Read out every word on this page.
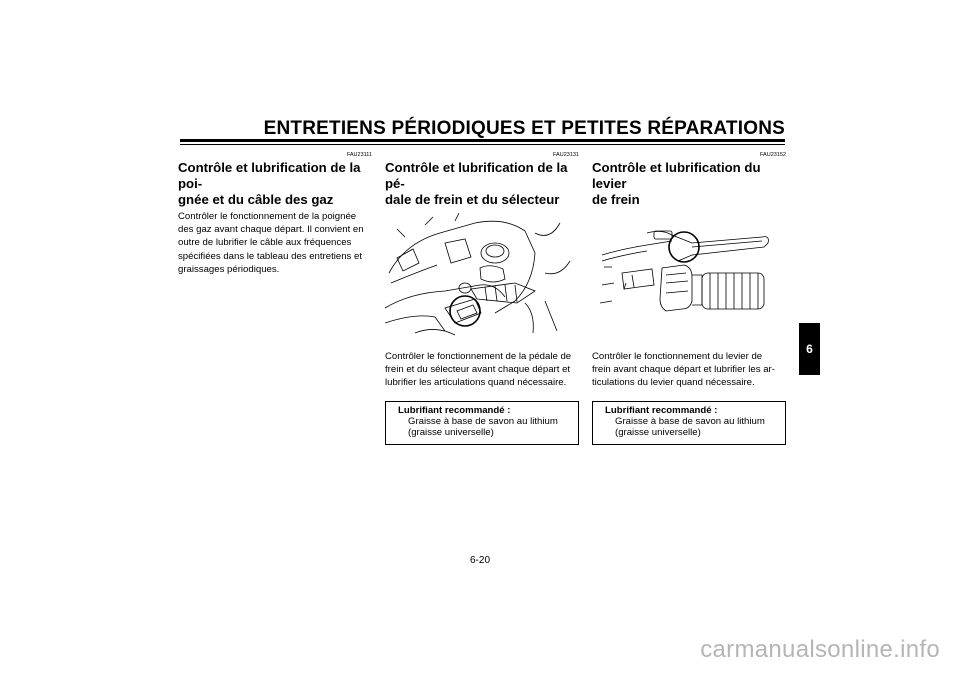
ENTRETIENS PÉRIODIQUES ET PETITES RÉPARATIONS
FAU23111
Contrôle et lubrification de la poi-
gnée et du câble des gaz
Contrôler le fonctionnement de la poignée
des gaz avant chaque départ. Il convient en
outre de lubrifier le câble aux fréquences
spécifiées dans le tableau des entretiens et
graissages périodiques.
FAU23131
Contrôle et lubrification de la pé-
dale de frein et du sélecteur
Contrôler le fonctionnement de la pédale de
frein et du sélecteur avant chaque départ et
lubrifier les articulations quand nécessaire.
Lubrifiant recommandé :
Graisse à base de savon au lithium
(graisse universelle)
FAU23152
Contrôle et lubrification du levier
de frein
Contrôler le fonctionnement du levier de
frein avant chaque départ et lubrifier les ar-
ticulations du levier quand nécessaire.
Lubrifiant recommandé :
Graisse à base de savon au lithium
(graisse universelle)
6
6-20
carmanualsonline.info
